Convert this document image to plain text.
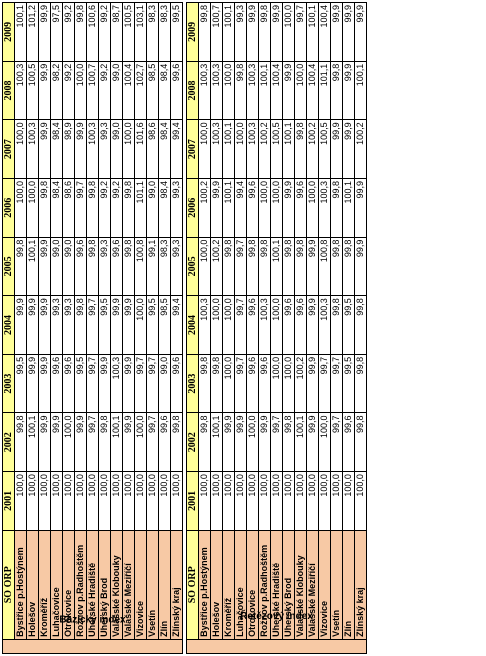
Bazický index	SO ORP	2001	2002	2003	2004	2005	2006	2007	2008	2009
	Bystřice p.Hostýnem	100,0	99,8	99,5	99,9	99,8	100,0	100,0	100,3	100,1
	Holešov	100,0	100,1	99,9	99,9	100,1	100,0	100,3	100,5	101,2
	Kroměříž	100,0	99,9	99,9	99,9	99,9	99,8	99,9	99,9	99,9
	Luhačovice	100,0	99,9	99,6	99,3	99,0	98,4	98,4	98,2	97,5
	Otrokovice	100,0	100,0	99,6	99,3	99,0	98,6	98,9	99,2	99,2
	Rožnov p.Radhoštěm	100,0	99,9	99,5	99,8	99,6	99,7	99,9	100,0	99,8
	Uherské Hradiště	100,0	99,7	99,7	99,7	99,8	99,8	100,3	100,7	100,6
	Uherský Brod	100,0	99,8	99,9	99,5	99,3	99,2	99,3	99,2	99,2
	Valašské Klobouky	100,0	100,1	100,3	99,9	99,6	99,2	99,0	99,0	98,7
	Valašské Meziříčí	100,0	99,9	99,9	99,9	99,8	99,8	100,0	100,4	100,5
	Vizovice	100,0	100,0	99,7	100,0	100,8	101,1	101,6	102,7	103,1
	Vsetín	100,0	99,7	99,7	99,5	99,1	99,0	98,6	98,5	98,3
	Zlín	100,0	99,6	99,0	98,5	98,3	98,4	98,4	98,4	98,3
	Zlínský kraj	100,0	99,8	99,6	99,4	99,3	99,3	99,4	99,6	99,5

Řetězový index	SO ORP	2001	2002	2003	2004	2005	2006	2007	2008	2009
	Bystřice p.Hostýnem	100,0	99,8	99,8	100,3	100,0	100,2	100,0	100,3	99,8
	Holešov	100,0	100,1	99,8	100,0	100,2	99,9	100,3	100,3	100,7
	Kroměříž	100,0	99,9	100,0	100,0	99,8	100,1	100,1	100,0	100,1
	Luhačovice	100,0	99,9	99,7	99,7	99,7	99,4	100,0	99,8	99,3
	Otrokovice	100,0	100,0	99,6	99,6	99,8	99,6	100,3	100,3	99,9
	Rožnov p.Radhoštěm	100,0	99,9	99,6	100,3	99,8	100,0	100,2	100,1	99,8
	Uherské Hradiště	100,0	99,7	100,0	100,0	100,1	100,0	100,5	100,4	99,9
	Uherský Brod	100,0	99,8	100,0	99,6	99,8	99,9	100,1	99,9	100,0
	Valašské Klobouky	100,0	100,1	100,2	99,6	99,8	99,6	99,8	100,0	99,7
	Valašské Meziříčí	100,0	99,9	99,9	99,9	99,9	100,0	100,2	100,4	100,1
	Vizovice	100,0	100,0	99,7	100,3	100,8	100,3	100,5	101,1	100,4
	Vsetín	100,0	99,7	99,7	99,8	99,8	99,8	99,9	99,8	99,9
	Zlín	100,0	99,6	99,5	99,5	99,8	100,1	99,9	99,9	99,9
	Zlínský kraj	100,0	99,8	99,8	99,8	99,9	99,9	100,2	100,1	99,9
